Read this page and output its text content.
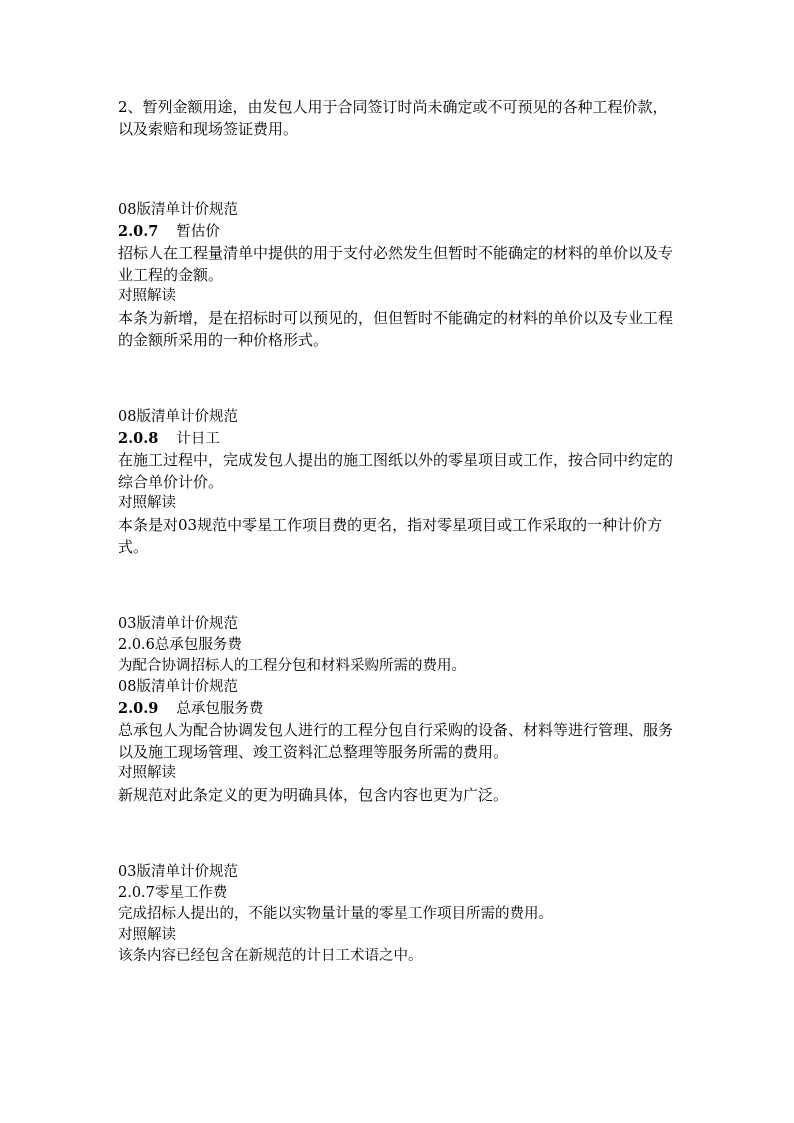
2、暂列金额用途，由发包人用于合同签订时尚未确定或不可预见的各种工程价款，以及索赔和现场签证费用。
08版清单计价规范
2.0.7 暂估价
招标人在工程量清单中提供的用于支付必然发生但暂时不能确定的材料的单价以及专业工程的金额。
对照解读
本条为新增，是在招标时可以预见的，但但暂时不能确定的材料的单价以及专业工程的金额所采用的一种价格形式。
08版清单计价规范
2.0.8 计日工
在施工过程中，完成发包人提出的施工图纸以外的零星项目或工作，按合同中约定的综合单价计价。
对照解读
本条是对03规范中零星工作项目费的更名，指对零星项目或工作采取的一种计价方式。
03版清单计价规范
2.0.6总承包服务费
为配合协调招标人的工程分包和材料采购所需的费用。
08版清单计价规范
2.0.9 总承包服务费
总承包人为配合协调发包人进行的工程分包自行采购的设备、材料等进行管理、服务以及施工现场管理、竣工资料汇总整理等服务所需的费用。
对照解读
新规范对此条定义的更为明确具体，包含内容也更为广泛。
03版清单计价规范
2.0.7零星工作费
完成招标人提出的，不能以实物量计量的零星工作项目所需的费用。
对照解读
该条内容已经包含在新规范的计日工术语之中。
